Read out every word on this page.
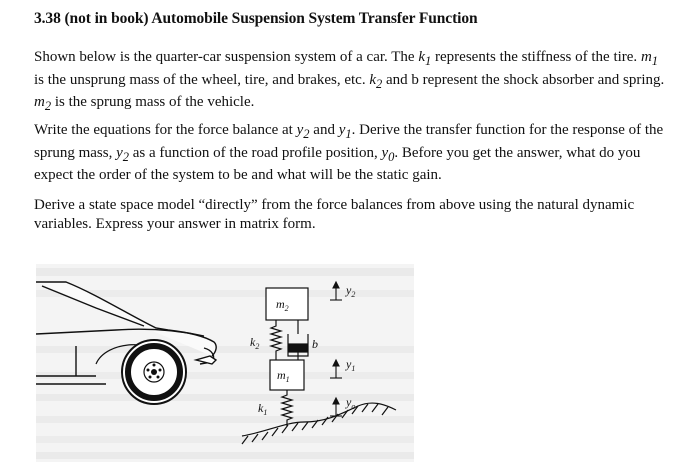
3.38 (not in book) Automobile Suspension System Transfer Function
Shown below is the quarter-car suspension system of a car. The $k_1$ represents the stiffness of the tire. $m_1$ is the unsprung mass of the wheel, tire, and brakes, etc. $k_2$ and b represent the shock absorber and spring. $m_2$ is the sprung mass of the vehicle.
Write the equations for the force balance at $y_2$ and $y_1$. Derive the transfer function for the response of the sprung mass, $y_2$ as a function of the road profile position, $y_0$. Before you get the answer, what do you expect the order of the system to be and what will be the static gain.
Derive a state space model “directly” from the force balances from above using the natural dynamic variables. Express your answer in matrix form.
$m_2$
$k_2$	b
$m_1$
$k_1$
$y_2$
$y_1$
$y_o$
